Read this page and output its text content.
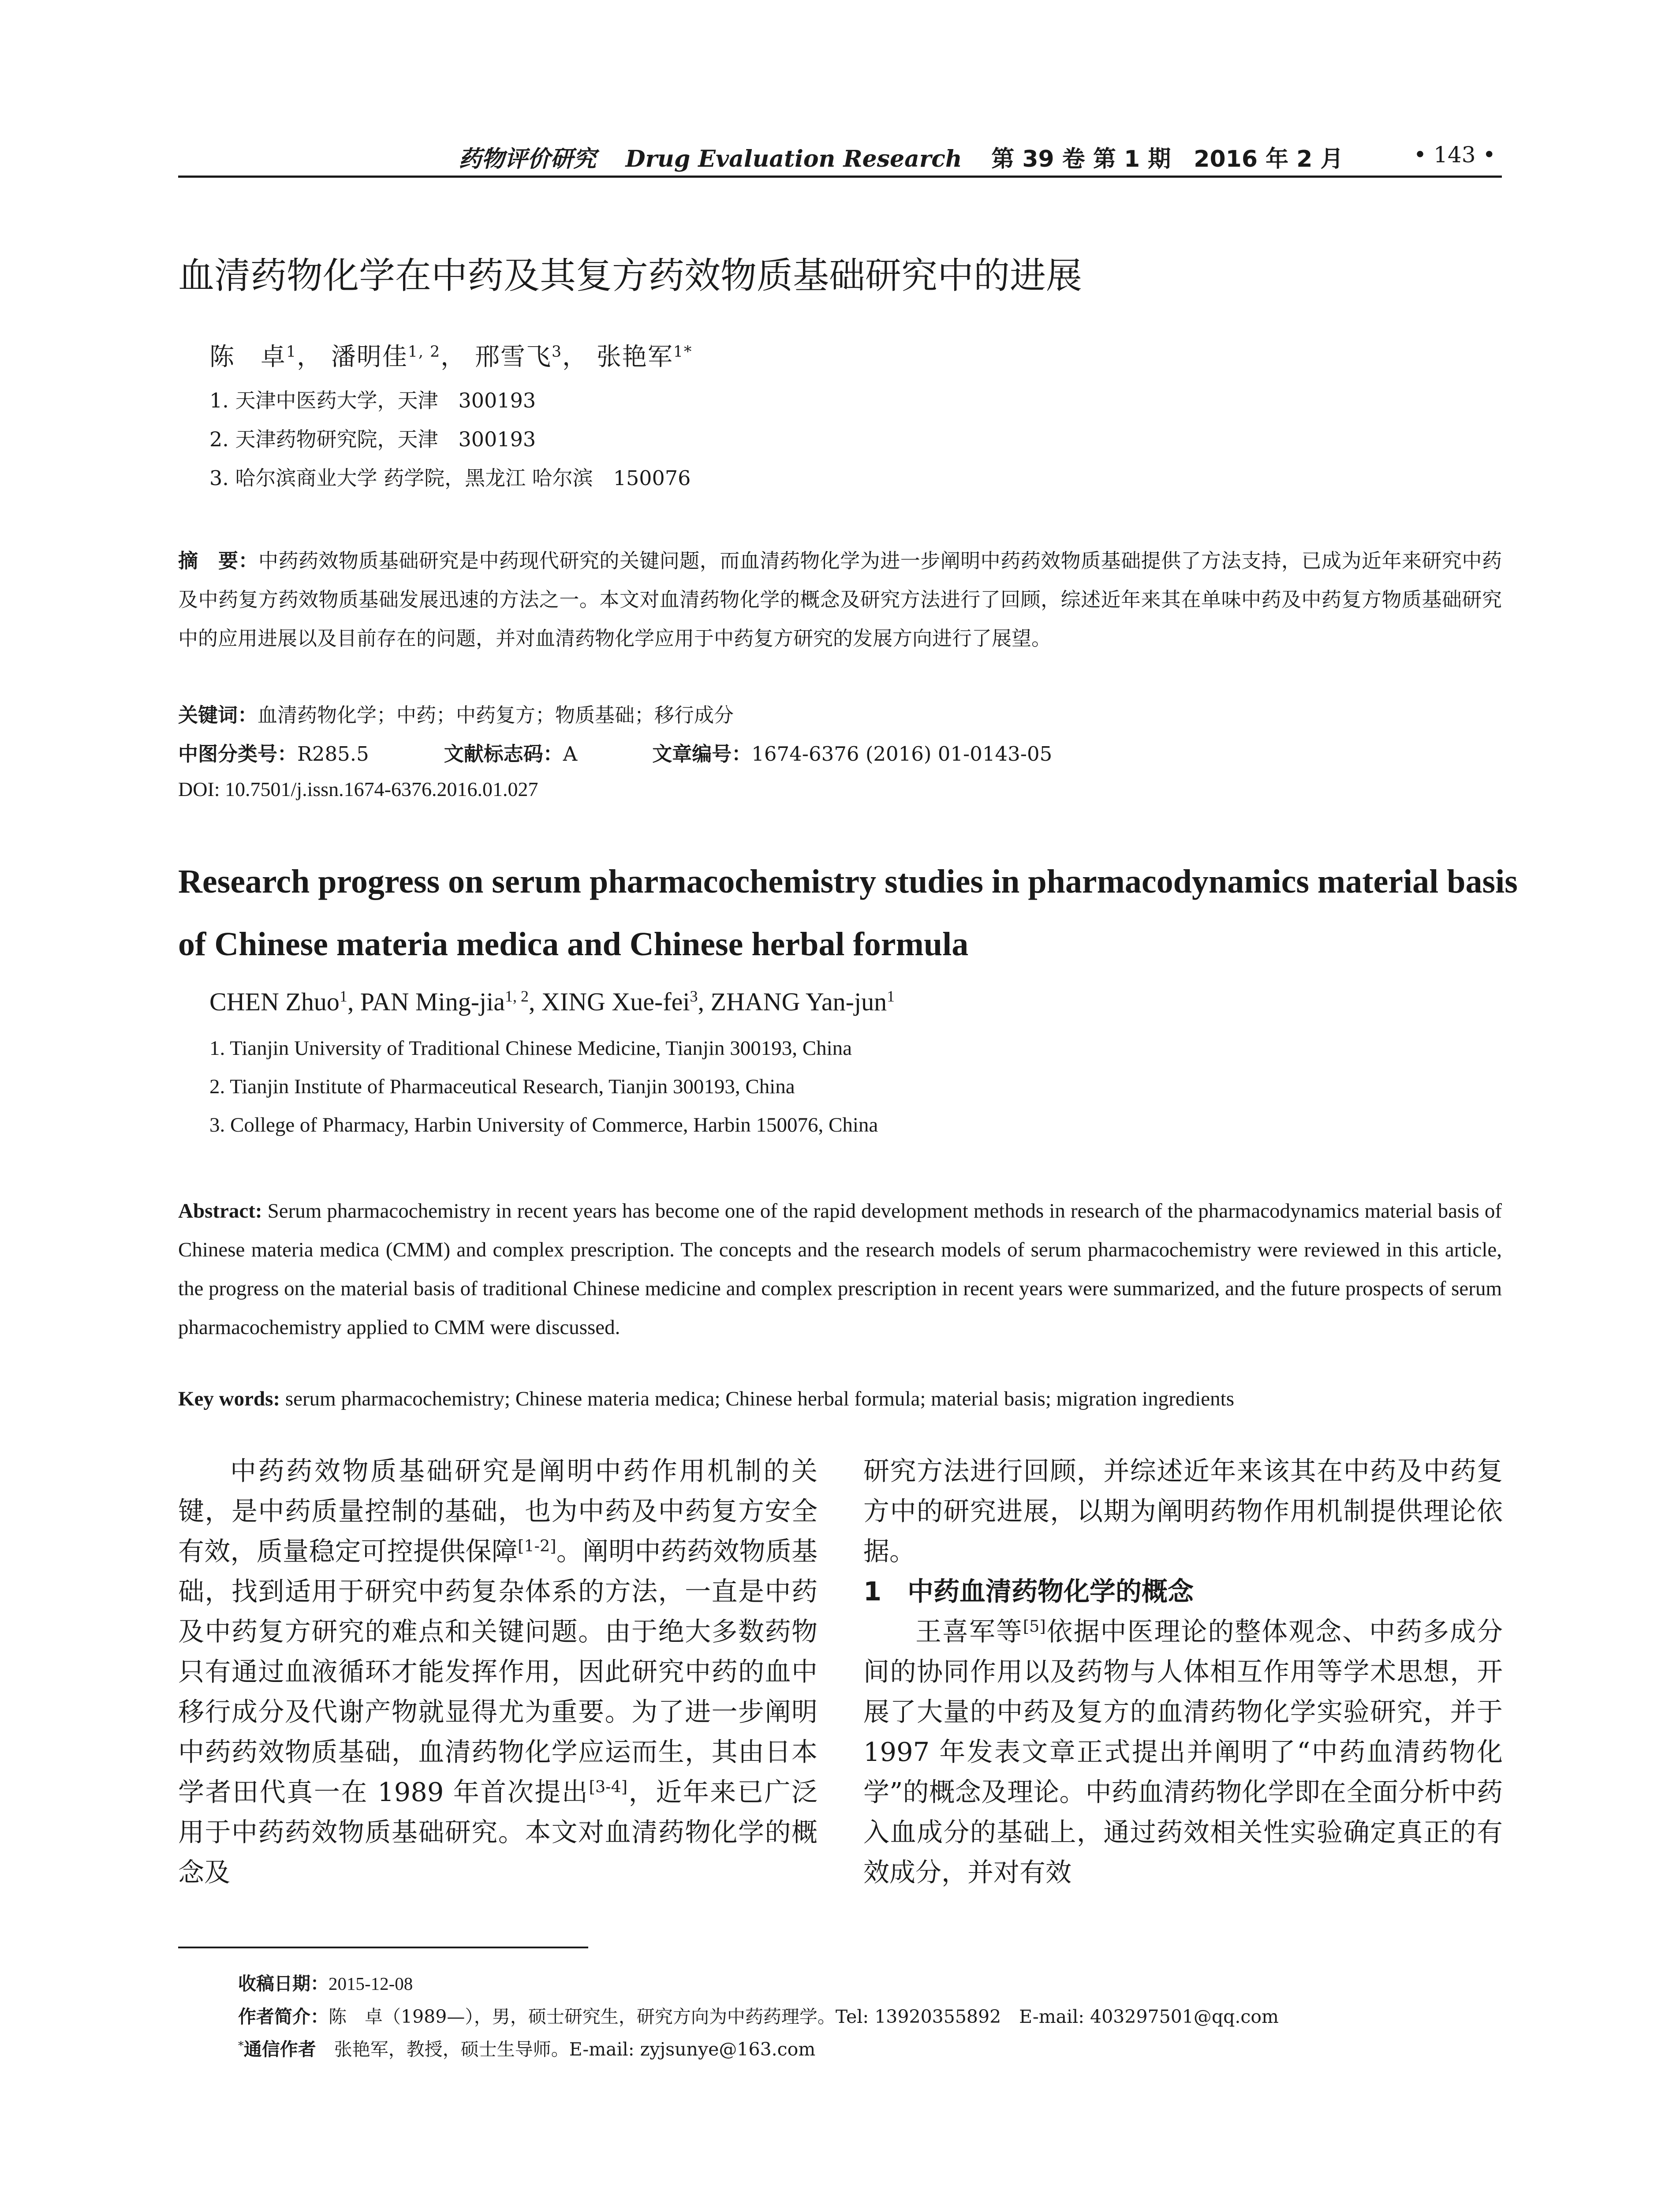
药物评价研究 Drug Evaluation Research 第 39 卷 第 1 期　2016 年 2 月	• 143 •
血清药物化学在中药及其复方药效物质基础研究中的进展
陈　卓$^1$， 潘明佳$^{1, 2}$， 邢雪飞$^3$， 张艳军$^{1*}$
1. 天津中医药大学，天津　300193
2. 天津药物研究院，天津　300193
3. 哈尔滨商业大学 药学院，黑龙江 哈尔滨　150076
摘　要：中药药效物质基础研究是中药现代研究的关键问题，而血清药物化学为进一步阐明中药药效物质基础提供了方法支持，已成为近年来研究中药及中药复方药效物质基础发展迅速的方法之一。本文对血清药物化学的概念及研究方法进行了回顾，综述近年来其在单味中药及中药复方物质基础研究中的应用进展以及目前存在的问题，并对血清药物化学应用于中药复方研究的发展方向进行了展望。
关键词：血清药物化学；中药；中药复方；物质基础；移行成分
中图分类号：R285.5	文献标志码：A	文章编号：1674-6376 (2016) 01-0143-05
DOI: 10.7501/j.issn.1674-6376.2016.01.027
Research progress on serum pharmacochemistry studies in pharmacodynamics material basis of Chinese materia medica and Chinese herbal formula
CHEN Zhuo$^1$, PAN Ming-jia$^{1, 2}$, XING Xue-fei$^3$, ZHANG Yan-jun$^1$
1. Tianjin University of Traditional Chinese Medicine, Tianjin 300193, China
2. Tianjin Institute of Pharmaceutical Research, Tianjin 300193, China
3. College of Pharmacy, Harbin University of Commerce, Harbin 150076, China
Abstract: Serum pharmacochemistry in recent years has become one of the rapid development methods in research of the pharmacodynamics material basis of Chinese materia medica (CMM) and complex prescription. The concepts and the research models of serum pharmacochemistry were reviewed in this article, the progress on the material basis of traditional Chinese medicine and complex prescription in recent years were summarized, and the future prospects of serum pharmacochemistry applied to CMM were discussed.
Key words: serum pharmacochemistry; Chinese materia medica; Chinese herbal formula; material basis; migration ingredients

中药药效物质基础研究是阐明中药作用机制的关键，是中药质量控制的基础，也为中药及中药复方安全有效，质量稳定可控提供保障[1-2]。阐明中药药效物质基础，找到适用于研究中药复杂体系的方法，一直是中药及中药复方研究的难点和关键问题。由于绝大多数药物只有通过血液循环才能发挥作用，因此研究中药的血中移行成分及代谢产物就显得尤为重要。为了进一步阐明中药药效物质基础，血清药物化学应运而生，其由日本学者田代真一在 1989 年首次提出[3-4]，近年来已广泛用于中药药效物质基础研究。本文对血清药物化学的概念及

研究方法进行回顾，并综述近年来该其在中药及中药复方中的研究进展，以期为阐明药物作用机制提供理论依据。

1　中药血清药物化学的概念

王喜军等[5]依据中医理论的整体观念、中药多成分间的协同作用以及药物与人体相互作用等学术思想，开展了大量的中药及复方的血清药物化学实验研究，并于 1997 年发表文章正式提出并阐明了“中药血清药物化学”的概念及理论。中药血清药物化学即在全面分析中药入血成分的基础上，通过药效相关性实验确定真正的有效成分，并对有效

收稿日期：2015-12-08
作者简介：陈　卓（1989—），男，硕士研究生，研究方向为中药药理学。Tel: 13920355892　E-mail: 403297501@qq.com
*通信作者　 张艳军，教授，硕士生导师。E-mail: zyjsunye@163.com
